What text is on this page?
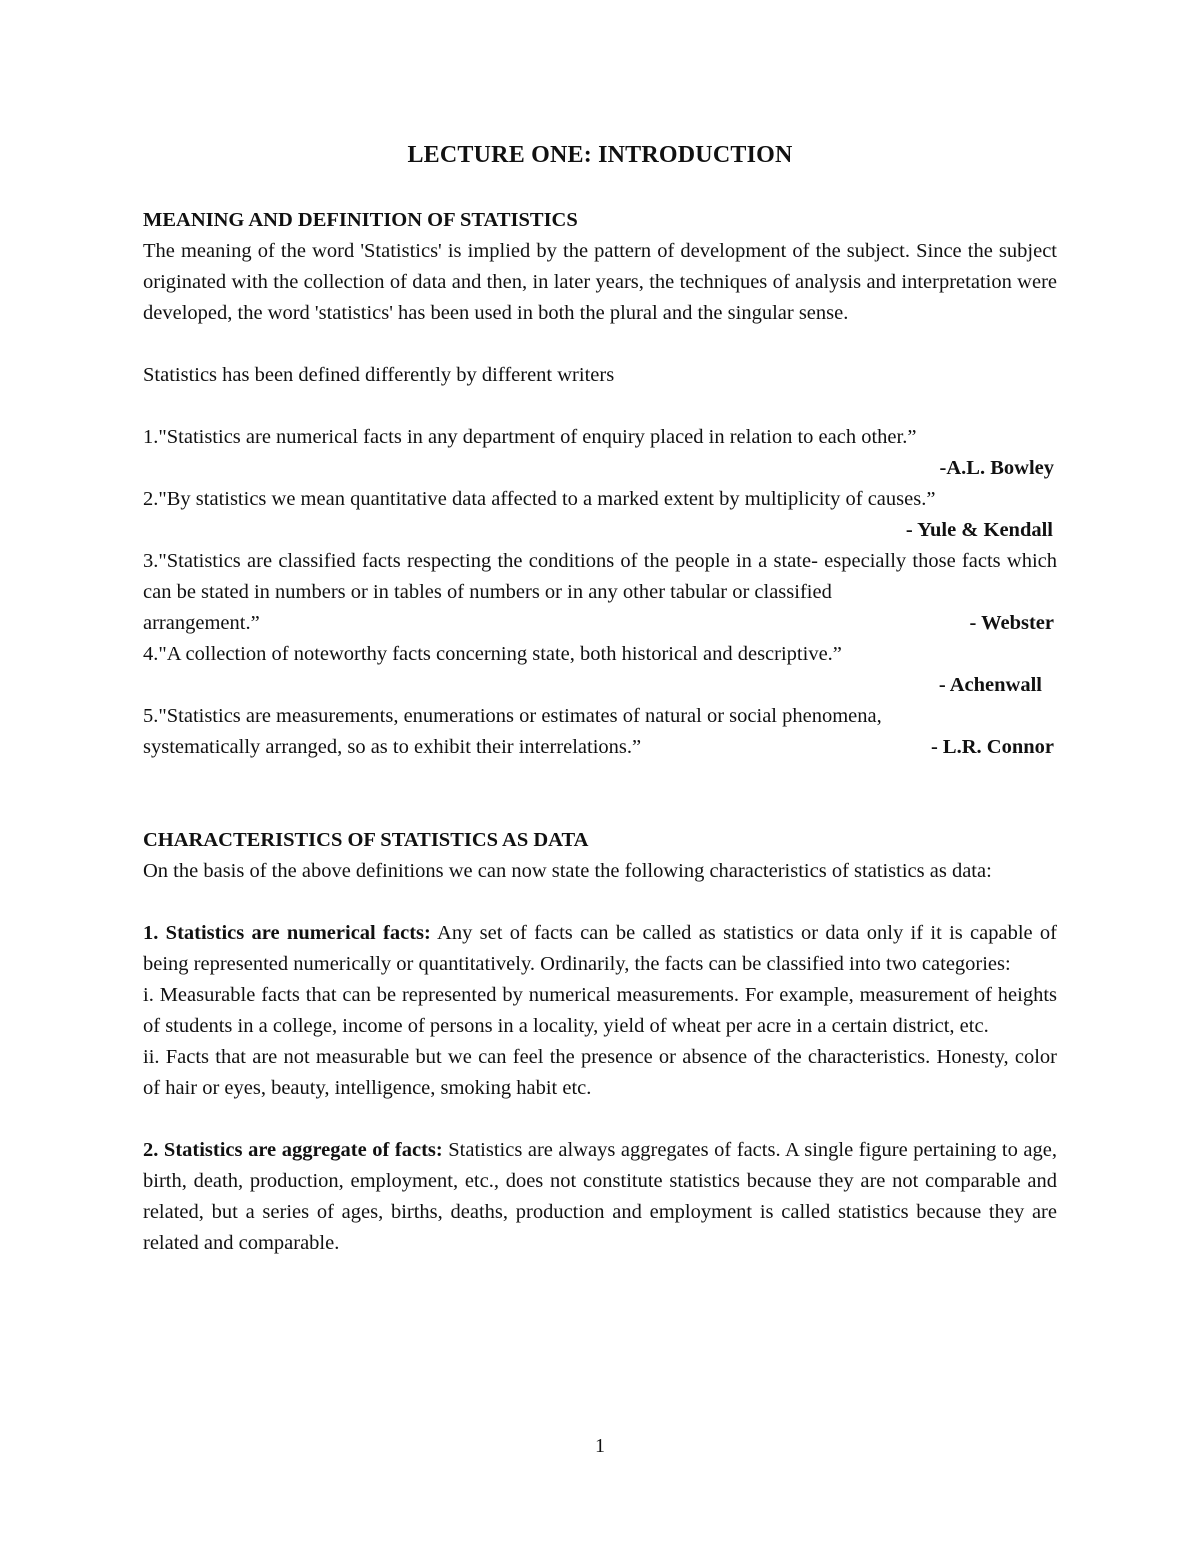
LECTURE ONE: INTRODUCTION

MEANING AND DEFINITION OF STATISTICS

The meaning of the word 'Statistics' is implied by the pattern of development of the subject. Since the subject originated with the collection of data and then, in later years, the techniques of analysis and interpretation were developed, the word 'statistics' has been used in both the plural and the singular sense.

Statistics has been defined differently by different writers

1."Statistics are numerical facts in any department of enquiry placed in relation to each other.”

-A.L. Bowley

2."By statistics we mean quantitative data affected to a marked extent by multiplicity of causes.”

- Yule & Kendall

3."Statistics are classified facts respecting the conditions of the people in a state- especially those facts which can be stated in numbers or in tables of numbers or in any other tabular or classified

arrangement.”	- Webster

4."A collection of noteworthy facts concerning state, both historical and descriptive.”

- Achenwall

5."Statistics are measurements, enumerations or estimates of natural or social phenomena,

systematically arranged, so as to exhibit their interrelations.”	- L.R. Connor

CHARACTERISTICS OF STATISTICS AS DATA

On the basis of the above definitions we can now state the following characteristics of statistics as data:

1. Statistics are numerical facts: Any set of facts can be called as statistics or data only if it is capable of being represented numerically or quantitatively. Ordinarily, the facts can be classified into two categories:

i. Measurable facts that can be represented by numerical measurements. For example, measurement of heights of students in a college, income of persons in a locality, yield of wheat per acre in a certain district, etc.

ii. Facts that are not measurable but we can feel the presence or absence of the characteristics. Honesty, color of hair or eyes, beauty, intelligence, smoking habit etc.

2. Statistics are aggregate of facts: Statistics are always aggregates of facts. A single figure pertaining to age, birth, death, production, employment, etc., does not constitute statistics because they are not comparable and related, but a series of ages, births, deaths, production and employment is called statistics because they are related and comparable.

1
